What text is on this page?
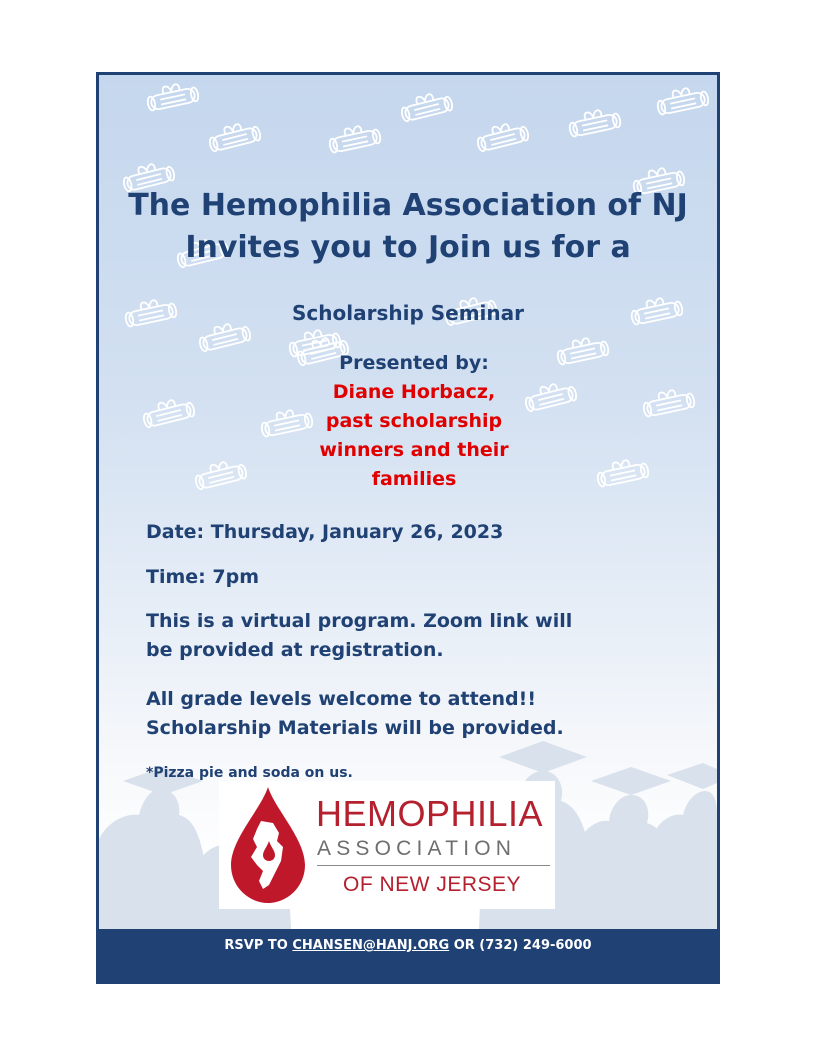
The Hemophilia Association of NJ
Invites you to Join us for a
Scholarship Seminar
Presented by:
Diane Horbacz,
past scholarship
winners and their
families
Date: Thursday, January 26, 2023
Time: 7pm
This is a virtual program. Zoom link will
be provided at registration.
All grade levels welcome to attend!!
Scholarship Materials will be provided.
*Pizza pie and soda on us.
HEMOPHILIA
ASSOCIATION
OF NEW JERSEY
RSVP TO CHANSEN@HANJ.ORG OR (732) 249-6000
